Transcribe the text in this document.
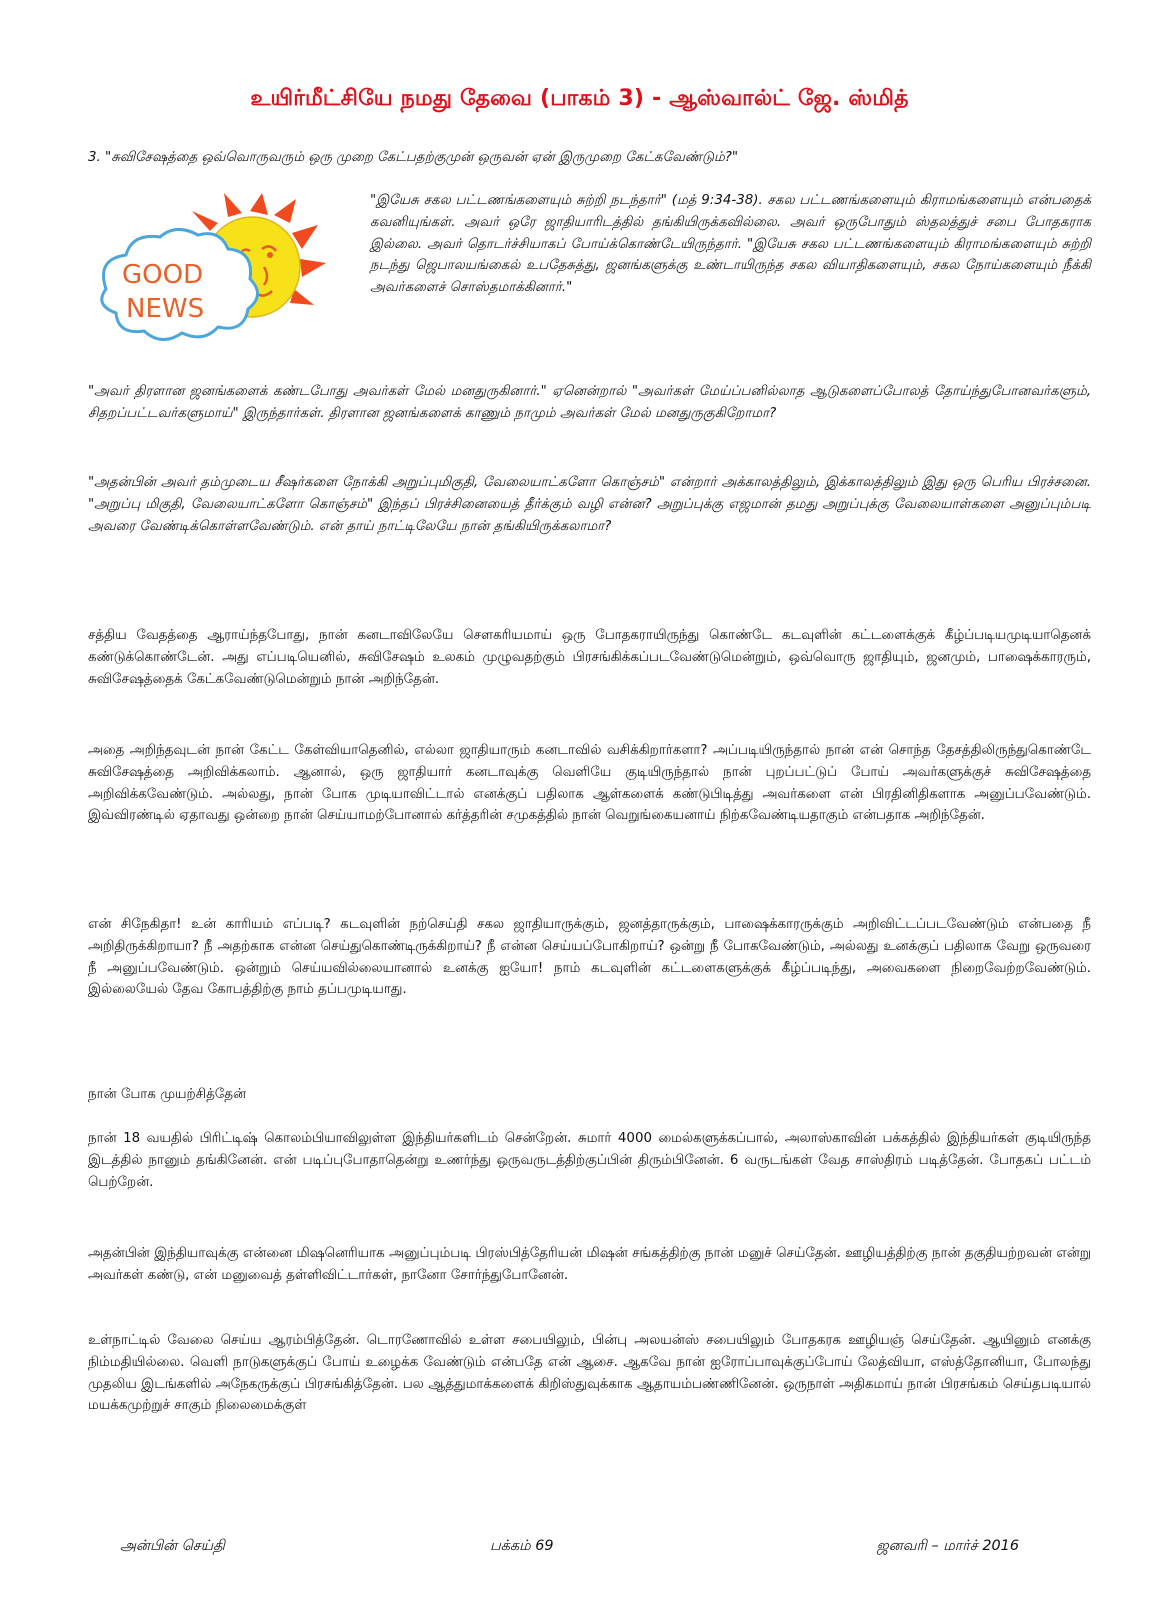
உயிர்மீட்சியே நமது தேவை (பாகம் 3) - ஆஸ்வால்ட் ஜே. ஸ்மித்
3. "சுவிசேஷத்தை ஒவ்வொருவரும் ஒரு முறை கேட்பதற்குமுன் ஒருவன் ஏன் இருமுறை கேட்கவேண்டும்?"
GOOD
NEWS

"இயேசு சகல பட்டணங்களையும் சுற்றி நடந்தார்" (மத் 9:34-38). சகல பட்டணங்களையும் கிராமங்களையும் என்பதைக் கவனியுங்கள். அவர் ஒரே ஜாதியாரிடத்தில் தங்கியிருக்கவில்லை. அவர் ஒருபோதும் ஸ்தலத்துச் சபை போதகராக இல்லை. அவர் தொடர்ச்சியாகப் போய்க்கொண்டேயிருந்தார். "இயேசு சகல பட்டணங்களையும் கிராமங்களையும் சுற்றி நடந்து ஜெபாலயங்கைல் உபதேசுத்து, ஜனங்களுக்கு உண்டாயிருந்த சகல வியாதிகளையும், சகல நோய்களையும் நீக்கி அவர்களைச் சொஸ்தமாக்கினார்."

"அவர் திரளான ஜனங்களைக் கண்டபோது அவர்கள் மேல் மனதுருகினார்." ஏனென்றால் "அவர்கள் மேய்ப்பனில்லாத ஆடுகளைப்போலத் தோய்ந்துபோனவர்களும், சிதறப்பட்டவர்களுமாய்" இருந்தார்கள். திரளான ஜனங்களைக் காணும் நாமும் அவர்கள் மேல் மனதுருகுகிறோமா?

"அதன்பின் அவர் தம்முடைய சீஷர்களை நோக்கி அறுப்புமிகுதி, வேலையாட்களோ கொஞ்சம்" என்றார் அக்காலத்திலும், இக்காலத்திலும் இது ஒரு பெரிய பிரச்சனை. "அறுப்பு மிகுதி, வேலையாட்களோ கொஞ்சம்" இந்தப் பிரச்சினையைத் தீர்க்கும் வழி என்ன? அறுப்புக்கு எஜமான் தமது அறுப்புக்கு வேலையாள்களை அனுப்பும்படி அவரை வேண்டிக்கொள்ளவேண்டும். என் தாய் நாட்டிலேயே நான் தங்கியிருக்கலாமா?

சத்திய வேதத்தை ஆராய்ந்தபோது, நான் கனடாவிலேயே சௌகரியமாய் ஒரு போதகராயிருந்து கொண்டே கடவுளின் கட்டளைக்குக் கீழ்ப்படியமுடியாதெனக் கண்டுக்கொண்டேன். அது எப்படியெனில், சுவிசேஷம் உலகம் முழுவதற்கும் பிரசங்கிக்கப்படவேண்டுமென்றும், ஒவ்வொரு ஜாதியும், ஜனமும், பாஷைக்காரரும், சுவிசேஷத்தைக் கேட்கவேண்டுமென்றும் நான் அறிந்தேன்.

அதை அறிந்தவுடன் நான் கேட்ட கேள்வியாதெனில், எல்லா ஜாதியாரும் கனடாவில் வசிக்கிறார்களா? அப்படியிருந்தால் நான் என் சொந்த தேசத்திலிருந்துகொண்டே சுவிசேஷத்தை அறிவிக்கலாம். ஆனால், ஒரு ஜாதியார் கனடாவுக்கு வெளியே குடியிருந்தால் நான் புறப்பட்டுப் போய் அவர்களுக்குச் சுவிசேஷத்தை அறிவிக்கவேண்டும். அல்லது, நான் போக முடியாவிட்டால் எனக்குப் பதிலாக ஆள்களைக் கண்டுபிடித்து அவர்களை என் பிரதினிதிகளாக அனுப்பவேண்டும். இவ்விரண்டில் ஏதாவது ஒன்றை நான் செய்யாமற்போனால் கர்த்தரின் சமுகத்தில் நான் வெறுங்கையனாய் நிற்கவேண்டியதாகும் என்பதாக அறிந்தேன்.

என் சிநேகிதா! உன் காரியம் எப்படி? கடவுளின் நற்செய்தி சகல ஜாதியாருக்கும், ஜனத்தாருக்கும், பாஷைக்காரருக்கும் அறிவிட்டப்படவேண்டும் என்பதை நீ அறிதிருக்கிறாயா? நீ அதற்காக என்ன செய்துகொண்டிருக்கிறாய்? நீ என்ன செய்யப்போகிறாய்? ஒன்று நீ போகவேண்டும், அல்லது உனக்குப் பதிலாக வேறு ஒருவரை நீ அனுப்பவேண்டும். ஒன்றும் செய்யவில்லையானால் உனக்கு ஐயோ! நாம் கடவுளின் கட்டளைகளுக்குக் கீழ்ப்படிந்து, அவைகளை நிறைவேற்றவேண்டும். இல்லையேல் தேவ கோபத்திற்கு நாம் தப்பமுடியாது.

நான் போக முயற்சித்தேன்

நான் 18 வயதில் பிரிட்டிஷ் கொலம்பியாவிலுள்ள இந்தியர்களிடம் சென்றேன். சுமார் 4000 மைல்களுக்கப்பால், அலாஸ்காவின் பக்கத்தில் இந்தியர்கள் குடியிருந்த இடத்தில் நானும் தங்கினேன். என் படிப்புபோதாதென்று உணர்ந்து ஒருவருடத்திற்குப்பின் திரும்பினேன். 6 வருடங்கள் வேத சாஸ்திரம் படித்தேன். போதகப் பட்டம் பெற்றேன்.

அதன்பின் இந்தியாவுக்கு என்னை மிஷனெரியாக அனுப்பும்படி பிரஸ்பித்தேரியன் மிஷன் சங்கத்திற்கு நான் மனுச் செய்தேன். ஊழியத்திற்கு நான் தகுதியற்றவன் என்று அவர்கள் கண்டு, என் மனுவைத் தள்ளிவிட்டார்கள், நானோ சோர்ந்துபோனேன்.

உள்நாட்டில் வேலை செய்ய ஆரம்பித்தேன். டொரணோவில் உள்ள சபையிலும், பின்பு அலயன்ஸ் சபையிலும் போதகரக ஊழியஞ் செய்தேன். ஆயினும் எனக்கு நிம்மதியில்லை. வெளி நாடுகளுக்குப் போய் உழைக்க வேண்டும் என்பதே என் ஆசை. ஆகவே நான் ஐரோப்பாவுக்குப்போய் லேத்வியா, எஸ்த்தோனியா, போலந்து முதலிய இடங்களில் அநேகருக்குப் பிரசங்கித்தேன். பல ஆத்துமாக்களைக் கிறிஸ்துவுக்காக ஆதாயம்பண்ணினேன். ஒருநாள் அதிகமாய் நான் பிரசங்கம் செய்தபடியால் மயக்கமுற்றுச் சாகும் நிலைமைக்குள்

அன்பின் செய்தி	பக்கம் 69	ஜனவரி – மார்ச் 2016
